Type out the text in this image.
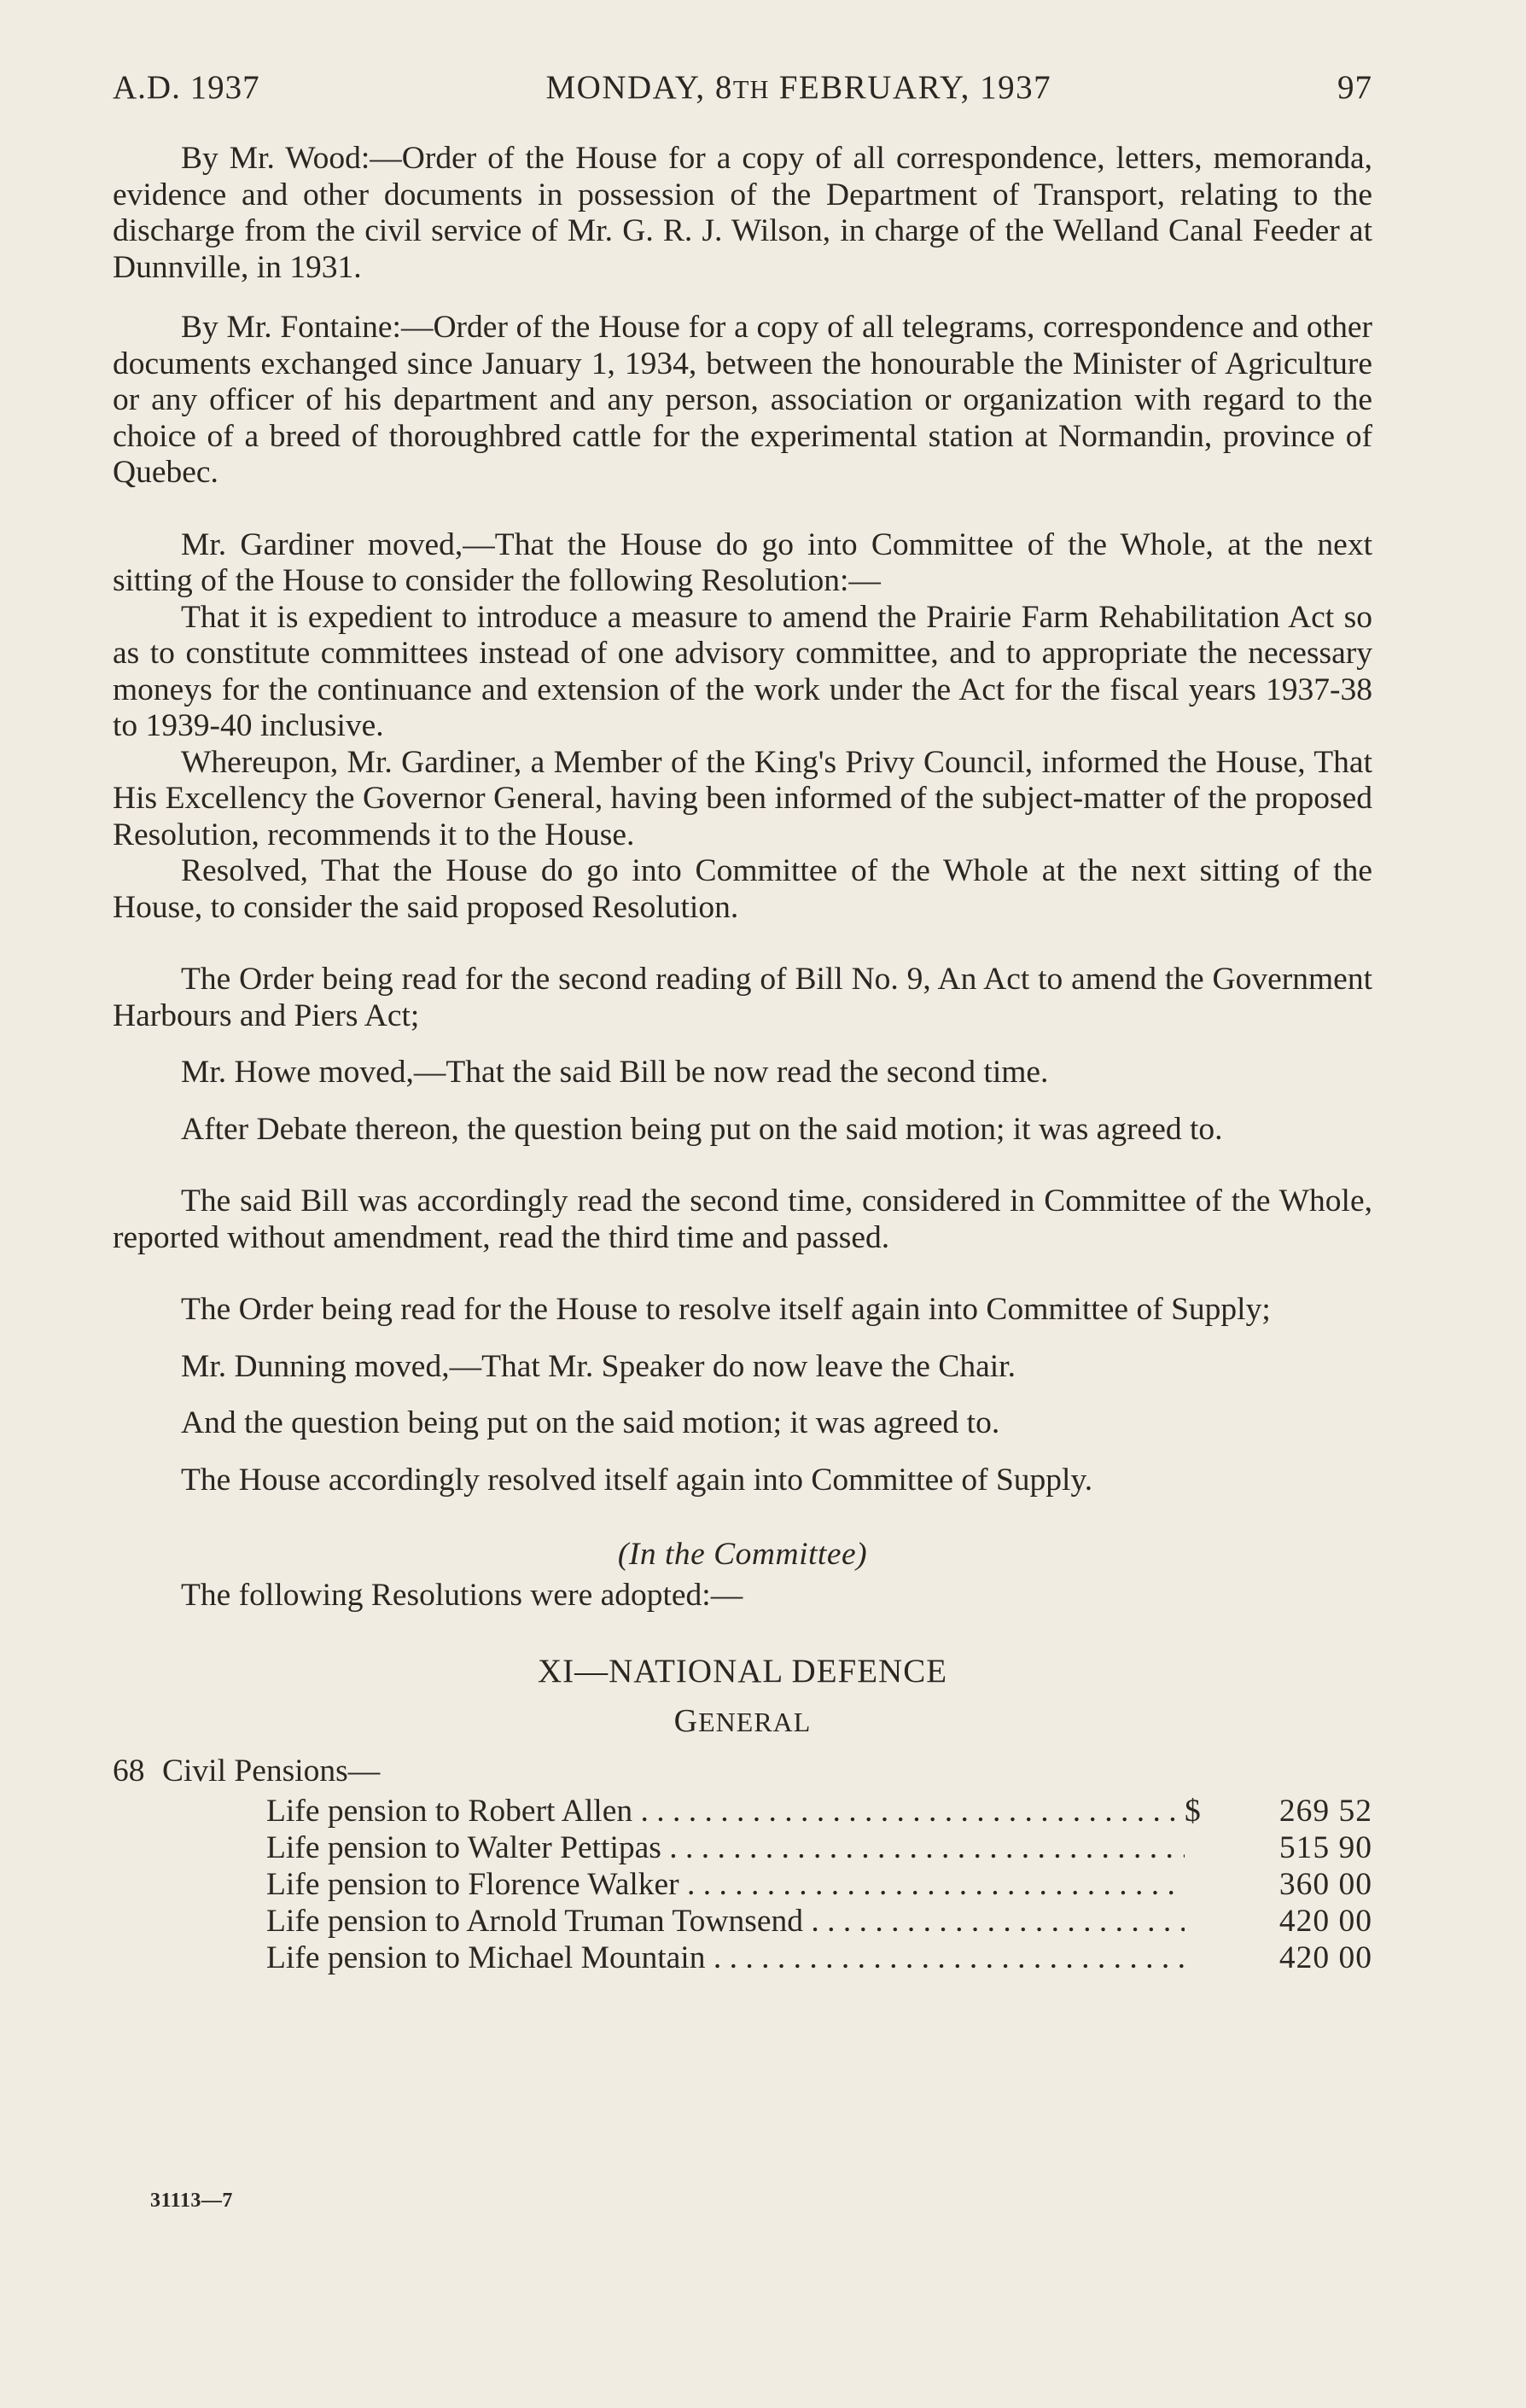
A.D. 1937	MONDAY, 8TH FEBRUARY, 1937	97

By Mr. Wood:—Order of the House for a copy of all correspondence, letters, memoranda, evidence and other documents in possession of the Department of Transport, relating to the discharge from the civil service of Mr. G. R. J. Wilson, in charge of the Welland Canal Feeder at Dunnville, in 1931.

By Mr. Fontaine:—Order of the House for a copy of all telegrams, correspondence and other documents exchanged since January 1, 1934, between the honourable the Minister of Agriculture or any officer of his department and any person, association or organization with regard to the choice of a breed of thoroughbred cattle for the experimental station at Normandin, province of Quebec.

Mr. Gardiner moved,—That the House do go into Committee of the Whole, at the next sitting of the House to consider the following Resolution:—

That it is expedient to introduce a measure to amend the Prairie Farm Rehabilitation Act so as to constitute committees instead of one advisory committee, and to appropriate the necessary moneys for the continuance and extension of the work under the Act for the fiscal years 1937-38 to 1939-40 inclusive.

Whereupon, Mr. Gardiner, a Member of the King's Privy Council, informed the House, That His Excellency the Governor General, having been informed of the subject-matter of the proposed Resolution, recommends it to the House.

Resolved, That the House do go into Committee of the Whole at the next sitting of the House, to consider the said proposed Resolution.

The Order being read for the second reading of Bill No. 9, An Act to amend the Government Harbours and Piers Act;

Mr. Howe moved,—That the said Bill be now read the second time.

After Debate thereon, the question being put on the said motion; it was agreed to.

The said Bill was accordingly read the second time, considered in Committee of the Whole, reported without amendment, read the third time and passed.

The Order being read for the House to resolve itself again into Committee of Supply;

Mr. Dunning moved,—That Mr. Speaker do now leave the Chair.

And the question being put on the said motion; it was agreed to.

The House accordingly resolved itself again into Committee of Supply.

(In the Committee)

The following Resolutions were adopted:—

XI—NATIONAL DEFENCE
GENERAL
68 Civil Pensions—
Life pension to Robert Allen . . .	$	269 52
Life pension to Walter Pettipas . . .	515 90
Life pension to Florence Walker . . .	360 00
Life pension to Arnold Truman Townsend . . .	420 00
Life pension to Michael Mountain . . .	420 00
31113—7
